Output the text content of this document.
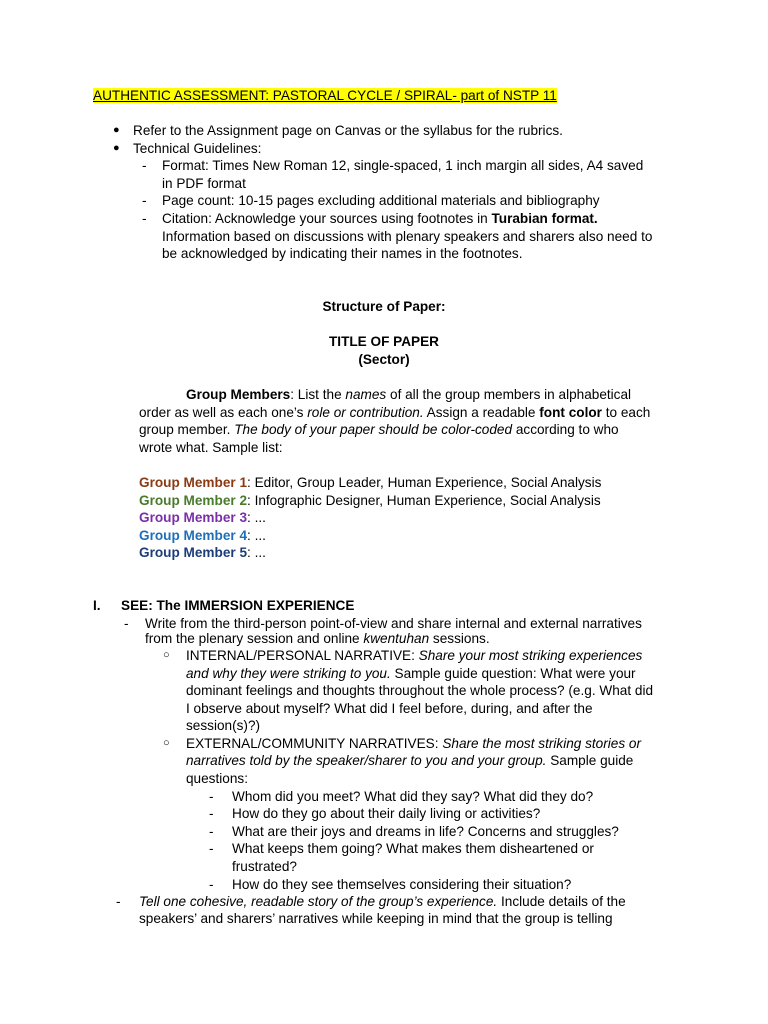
AUTHENTIC ASSESSMENT: PASTORAL CYCLE / SPIRAL- part of NSTP 11
● Refer to the Assignment page on Canvas or the syllabus for the rubrics.
● Technical Guidelines:
- Format: Times New Roman 12, single-spaced, 1 inch margin all sides, A4 saved
in PDF format
- Page count: 10-15 pages excluding additional materials and bibliography
- Citation: Acknowledge your sources using footnotes in Turabian format.
Information based on discussions with plenary speakers and sharers also need to
be acknowledged by indicating their names in the footnotes.
Structure of Paper:
TITLE OF PAPER
(Sector)
Group Members: List the names of all the group members in alphabetical
order as well as each one’s role or contribution. Assign a readable font color to each
group member. The body of your paper should be color-coded according to who
wrote what. Sample list:
Group Member 1: Editor, Group Leader, Human Experience, Social Analysis
Group Member 2: Infographic Designer, Human Experience, Social Analysis
Group Member 3: ...
Group Member 4: ...
Group Member 5: ...
I. SEE: The IMMERSION EXPERIENCE
- Write from the third-person point-of-view and share internal and external narratives
from the plenary session and online kwentuhan sessions.
○ INTERNAL/PERSONAL NARRATIVE: Share your most striking experiences
and why they were striking to you. Sample guide question: What were your
dominant feelings and thoughts throughout the whole process? (e.g. What did
I observe about myself? What did I feel before, during, and after the
session(s)?)
○ EXTERNAL/COMMUNITY NARRATIVES: Share the most striking stories or
narratives told by the speaker/sharer to you and your group. Sample guide
questions:
- Whom did you meet? What did they say? What did they do?
- How do they go about their daily living or activities?
- What are their joys and dreams in life? Concerns and struggles?
- What keeps them going? What makes them disheartened or
frustrated?
- How do they see themselves considering their situation?
- Tell one cohesive, readable story of the group’s experience. Include details of the
speakers’ and sharers’ narratives while keeping in mind that the group is telling
